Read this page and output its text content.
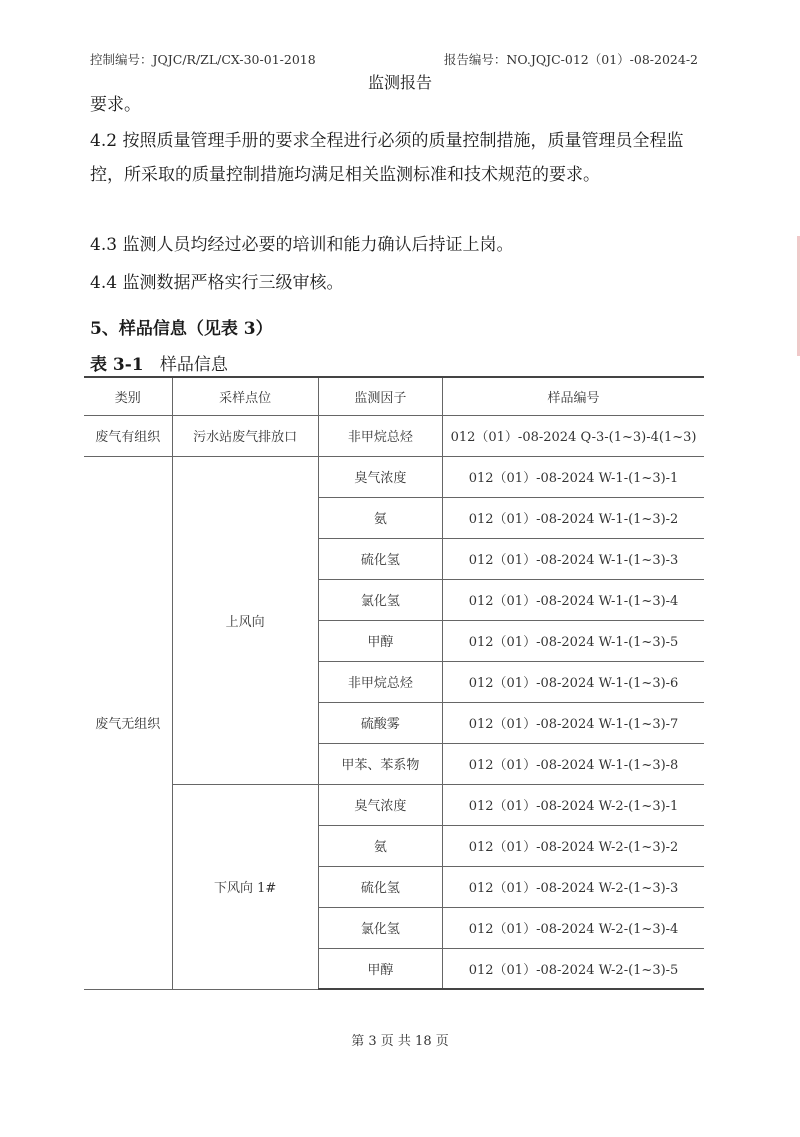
控制编号：JQJC/R/ZL/CX-30-01-2018	报告编号：NO.JQJC-012（01）-08-2024-2
监测报告

要求。

4.2 按照质量管理手册的要求全程进行必须的质量控制措施，质量管理员全程监控，所采取的质量控制措施均满足相关监测标准和技术规范的要求。

4.3 监测人员均经过必要的培训和能力确认后持证上岗。

4.4 监测数据严格实行三级审核。

5、样品信息（见表 3）
表 3-1 样品信息
类别	采样点位	监测因子	样品编号
废气有组织	污水站废气排放口	非甲烷总烃	012（01）-08-2024 Q-3-(1~3)-4(1~3)
废气无组织	上风向	臭气浓度	012（01）-08-2024 W-1-(1~3)-1
		氨	012（01）-08-2024 W-1-(1~3)-2
		硫化氢	012（01）-08-2024 W-1-(1~3)-3
		氯化氢	012（01）-08-2024 W-1-(1~3)-4
		甲醇	012（01）-08-2024 W-1-(1~3)-5
		非甲烷总烃	012（01）-08-2024 W-1-(1~3)-6
		硫酸雾	012（01）-08-2024 W-1-(1~3)-7
		甲苯、苯系物	012（01）-08-2024 W-1-(1~3)-8
	下风向 1#	臭气浓度	012（01）-08-2024 W-2-(1~3)-1
		氨	012（01）-08-2024 W-2-(1~3)-2
		硫化氢	012（01）-08-2024 W-2-(1~3)-3
		氯化氢	012（01）-08-2024 W-2-(1~3)-4
		甲醇	012（01）-08-2024 W-2-(1~3)-5
第 3 页 共 18 页
